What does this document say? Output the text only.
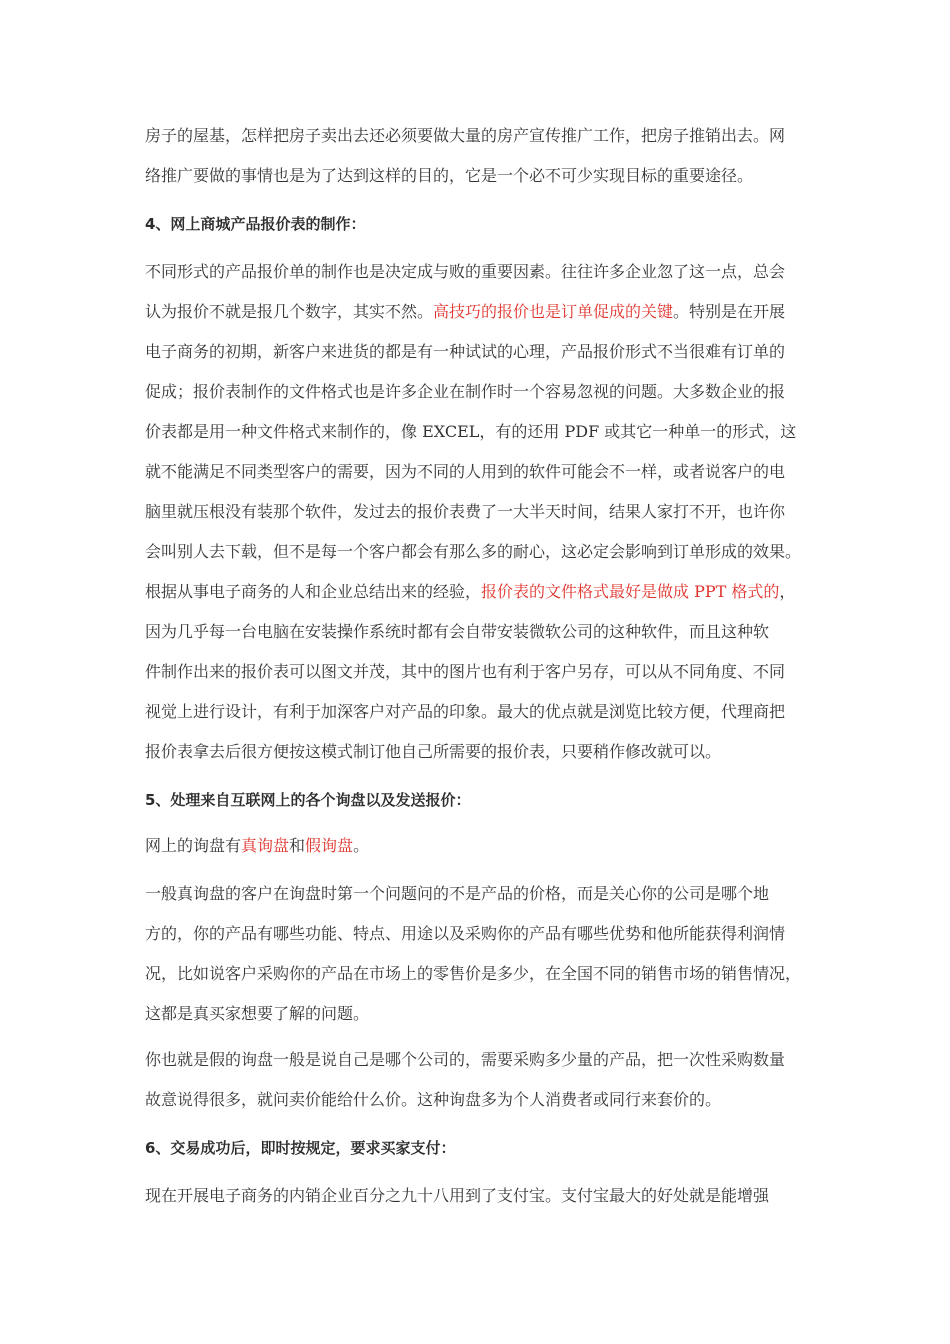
房子的屋基，怎样把房子卖出去还必须要做大量的房产宣传推广工作，把房子推销出去。网
络推广要做的事情也是为了达到这样的目的，它是一个必不可少实现目标的重要途径。
4、网上商城产品报价表的制作：
不同形式的产品报价单的制作也是决定成与败的重要因素。往往许多企业忽了这一点，总会
认为报价不就是报几个数字，其实不然。高技巧的报价也是订单促成的关键。特别是在开展
电子商务的初期，新客户来进货的都是有一种试试的心理，产品报价形式不当很难有订单的
促成；报价表制作的文件格式也是许多企业在制作时一个容易忽视的问题。大多数企业的报
价表都是用一种文件格式来制作的，像 EXCEL，有的还用 PDF 或其它一种单一的形式，这
就不能满足不同类型客户的需要，因为不同的人用到的软件可能会不一样，或者说客户的电
脑里就压根没有装那个软件，发过去的报价表费了一大半天时间，结果人家打不开，也许你
会叫别人去下载，但不是每一个客户都会有那么多的耐心，这必定会影响到订单形成的效果。
根据从事电子商务的人和企业总结出来的经验，报价表的文件格式最好是做成 PPT 格式的，
因为几乎每一台电脑在安装操作系统时都有会自带安装微软公司的这种软件，而且这种软
件制作出来的报价表可以图文并茂，其中的图片也有利于客户另存，可以从不同角度、不同
视觉上进行设计，有利于加深客户对产品的印象。最大的优点就是浏览比较方便，代理商把
报价表拿去后很方便按这模式制订他自己所需要的报价表，只要稍作修改就可以。
5、处理来自互联网上的各个询盘以及发送报价：
网上的询盘有真询盘和假询盘。
一般真询盘的客户在询盘时第一个问题问的不是产品的价格，而是关心你的公司是哪个地
方的，你的产品有哪些功能、特点、用途以及采购你的产品有哪些优势和他所能获得利润情
况，比如说客户采购你的产品在市场上的零售价是多少，在全国不同的销售市场的销售情况，
这都是真买家想要了解的问题。
你也就是假的询盘一般是说自己是哪个公司的，需要采购多少量的产品，把一次性采购数量
故意说得很多，就问卖价能给什么价。这种询盘多为个人消费者或同行来套价的。
6、交易成功后，即时按规定，要求买家支付：
现在开展电子商务的内销企业百分之九十八用到了支付宝。支付宝最大的好处就是能增强
